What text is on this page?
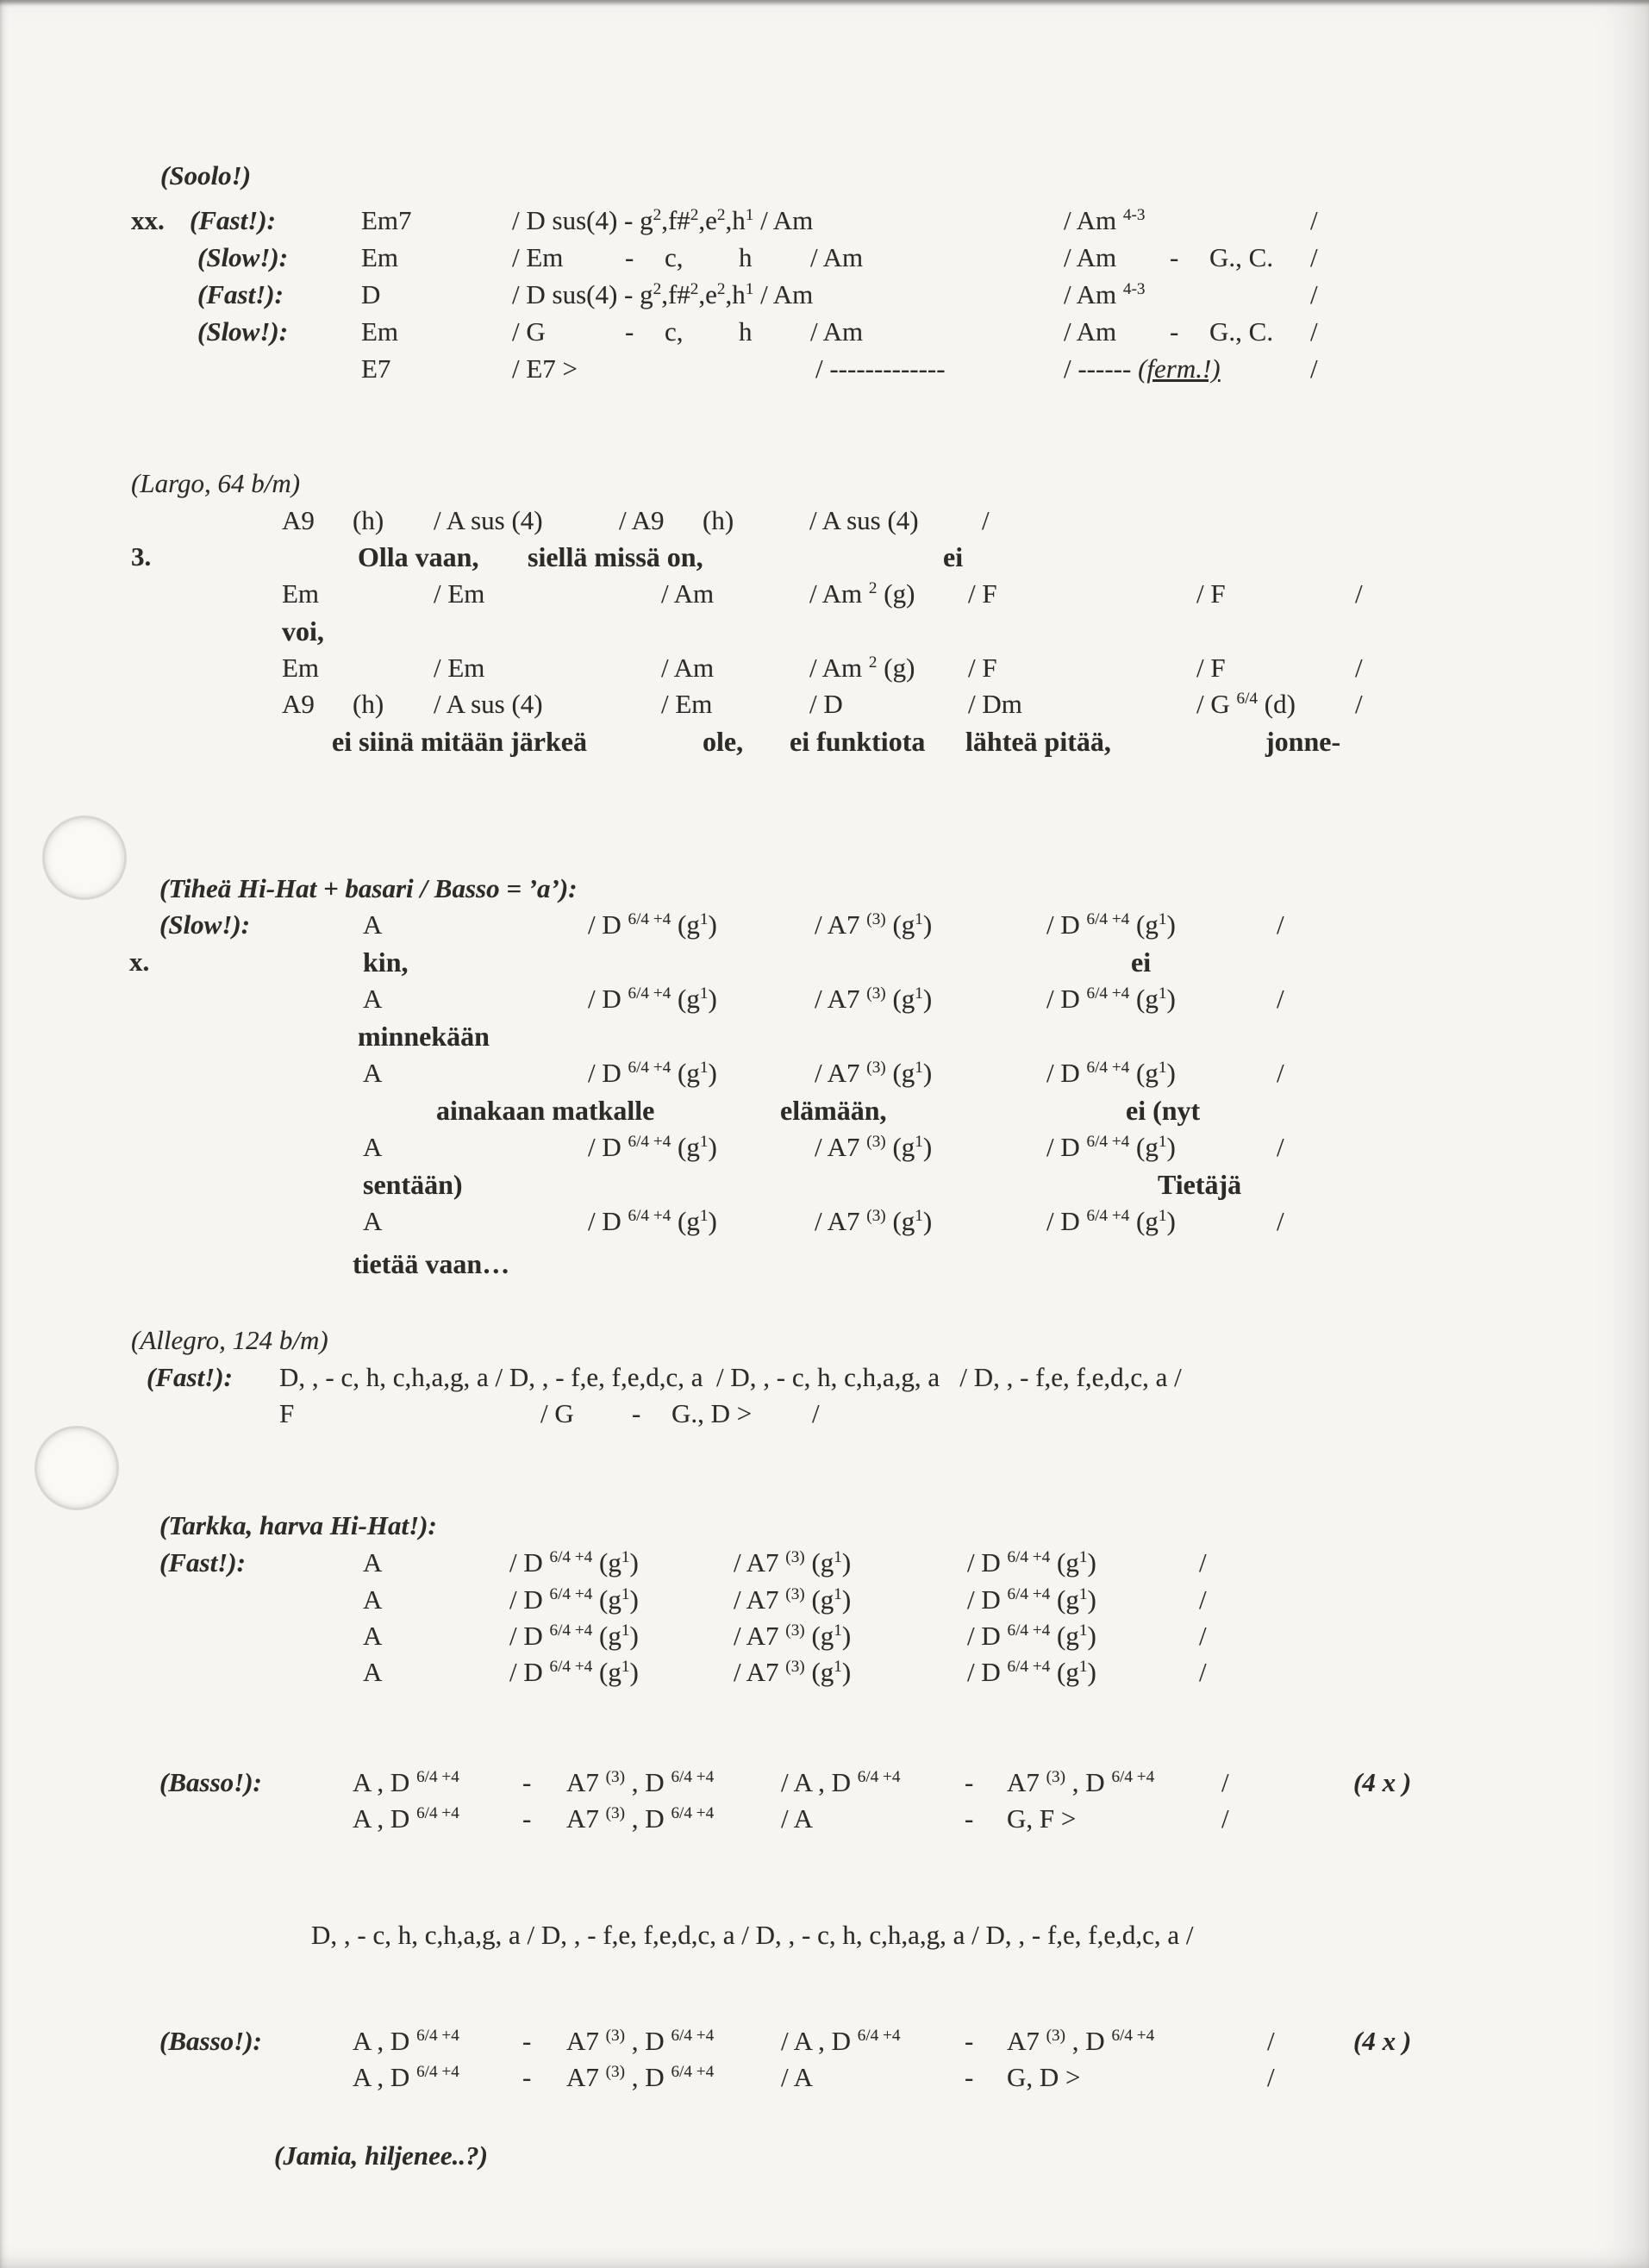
(Soolo!)
xx. (Fast!):	Em7	/ D $sus(4) - g^2,f\#^2,e^2,h^1$ / Am	/ Am $^{4-3}$	/
(Slow!):	Em	/ Em - c, h / Am	/ Am - G., C. /
(Fast!):	D	/ D $sus(4) - g^2,f\#^2,e^2,h^1$ / Am	/ Am $^{4-3}$	/
(Slow!):	Em	/ G	- c, h / Am	/ Am - G., C. /
E7	/ E7 >	/ -------------	/ ------ (ferm.!)	/
(Largo, 64 b/m)
A9 (h) / A sus (4)	/ A9 (h)	/ A sus (4) /
3.	Olla vaan, siellä missä on,	ei
Em	/ Em	/ Am	/ Am $^2$ (g) / F	/ F	/
voi,
Em	/ Em	/ Am	/ Am $^2$ (g) / F	/ F	/
A9 (h) / A sus (4)	/ Em	/ D	/ Dm	/ G $^{6/4}$ (d) /
ei siinä mitään järkeä	ole, ei funktiota lähteä pitää,	jonne-
(Tiheä Hi-Hat + basari / Basso = ’a’):
(Slow!):	A	/ D $^{6/4 +4}$ $(g^1)$	/ A7 $^{(3)}$ $(g^1)$	/ D $^{6/4 +4}$ $(g^1)$	/
x.	kin,	ei
A	/ D $^{6/4 +4}$ $(g^1)$	/ A7 $^{(3)}$ $(g^1)$	/ D $^{6/4 +4}$ $(g^1)$	/
minnekään
A	/ D $^{6/4 +4}$ $(g^1)$	/ A7 $^{(3)}$ $(g^1)$	/ D $^{6/4 +4}$ $(g^1)$	/
ainakaan matkalle	elämään,	ei (nyt
A	/ D $^{6/4 +4}$ $(g^1)$	/ A7 $^{(3)}$ $(g^1)$	/ D $^{6/4 +4}$ $(g^1)$	/
sentään)	Tietäjä
A	/ D $^{6/4 +4}$ $(g^1)$	/ A7 $^{(3)}$ $(g^1)$	/ D $^{6/4 +4}$ $(g^1)$	/
tietää vaan…
(Allegro, 124 b/m)
(Fast!): D, , - c, h, c,h,a,g, a / D, , - f,e, f,e,d,c, a  / D, , - c, h, c,h,a,g, a   / D, , - f,e, f,e,d,c, a /
F	/ G - G., D > /
(Tarkka, harva Hi-Hat!):
(Fast!):	A	/ D $^{6/4 +4}$ $(g^1)$	/ A7 $^{(3)}$ $(g^1)$	/ D $^{6/4 +4}$ $(g^1)$	/
A	/ D $^{6/4 +4}$ $(g^1)$	/ A7 $^{(3)}$ $(g^1)$	/ D $^{6/4 +4}$ $(g^1)$	/
A	/ D $^{6/4 +4}$ $(g^1)$	/ A7 $^{(3)}$ $(g^1)$	/ D $^{6/4 +4}$ $(g^1)$	/
A	/ D $^{6/4 +4}$ $(g^1)$	/ A7 $^{(3)}$ $(g^1)$	/ D $^{6/4 +4}$ $(g^1)$	/
(Basso!):	A , D $^{6/4 +4}$ - A7 $^{(3)}$ , D $^{6/4 +4}$	/ A , D $^{6/4 +4}$ - A7 $^{(3)}$ , D $^{6/4 +4}$	/	(4 x )
A , D $^{6/4 +4}$ - A7 $^{(3)}$ , D $^{6/4 +4}$	/ A	- G, F >	/
D, , - c, h, c,h,a,g, a / D, , - f,e, f,e,d,c, a / D, , - c, h, c,h,a,g, a / D, , - f,e, f,e,d,c, a /
(Basso!):	A , D $^{6/4 +4}$ - A7 $^{(3)}$ , D $^{6/4 +4}$	/ A , D $^{6/4 +4}$ - A7 $^{(3)}$ , D $^{6/4 +4}$	/	(4 x )
A , D $^{6/4 +4}$ - A7 $^{(3)}$ , D $^{6/4 +4}$	/ A	- G, D >	/
(Jamia, hiljenee..?)
